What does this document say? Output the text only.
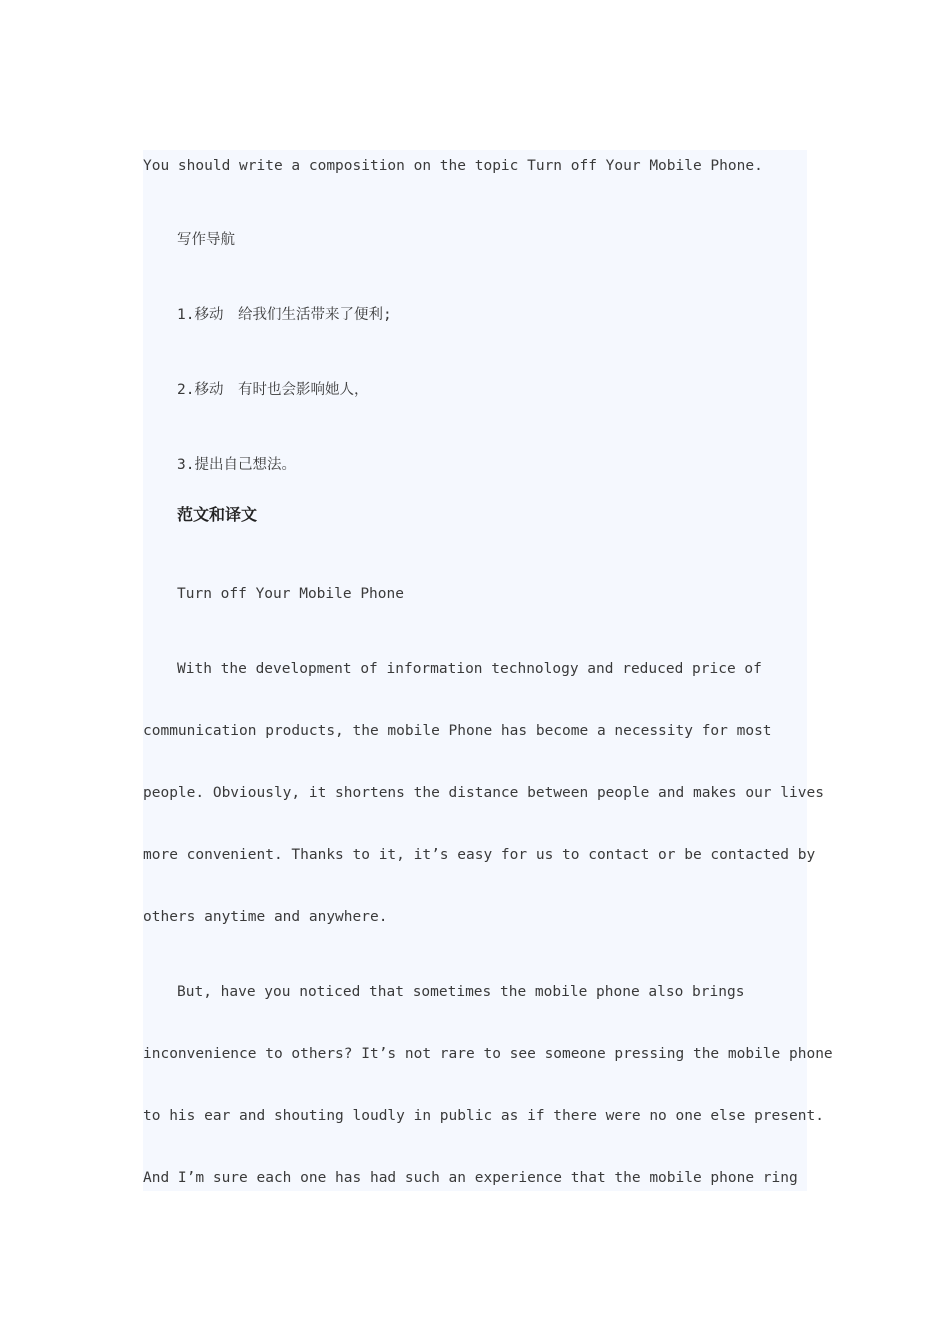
You should write a composition on the topic Turn off Your Mobile Phone.
写作导航
1.移动　给我们生活带来了便利;
2.移动　有时也会影响她人，
3.提出自己想法。
范文和译文
Turn off Your Mobile Phone
With the development of information technology and reduced price of
communication products, the mobile Phone has become a necessity for most
people. Obviously, it shortens the distance between people and makes our lives
more convenient. Thanks to it, it’s easy for us to contact or be contacted by
others anytime and anywhere.
But, have you noticed that sometimes the mobile phone also brings
inconvenience to others? It’s not rare to see someone pressing the mobile phone
to his ear and shouting loudly in public as if there were no one else present.
And I’m sure each one has had such an experience that the mobile phone ring
